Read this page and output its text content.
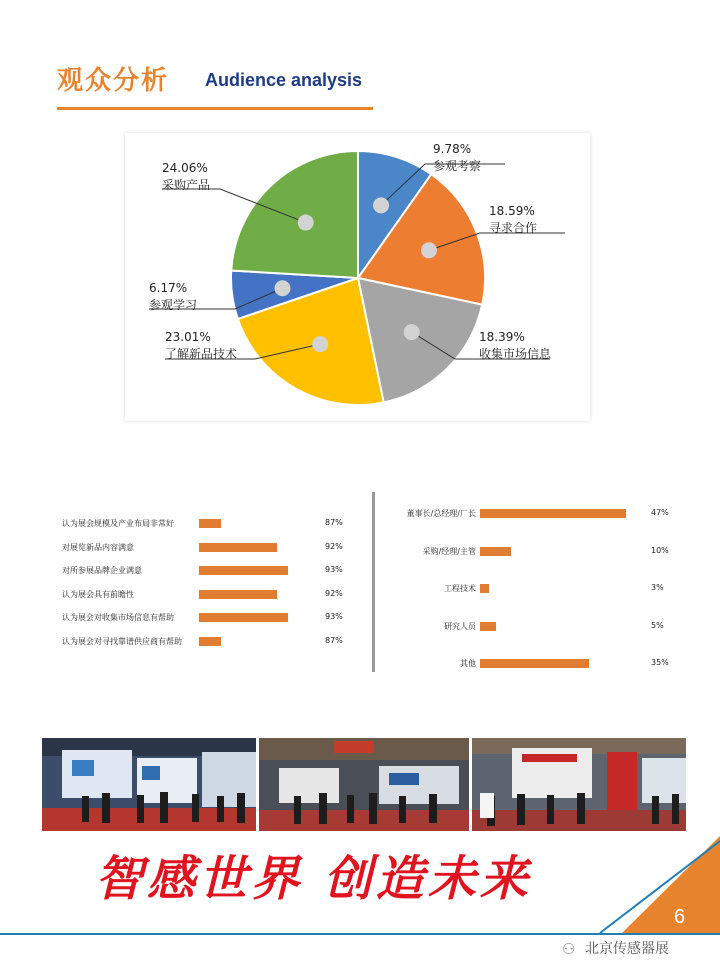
观众分析 Audience analysis
9.78%
参观考察
18.59%
寻求合作
18.39%
收集市场信息
23.01%
了解新品技术
6.17%
参观学习
24.06%
采购产品
认为展会规模及产业布局非常好	87%
对展览新品内容满意	92%
对所参展品牌企业满意	93%
认为展会具有前瞻性	92%
认为展会对收集市场信息有帮助	93%
认为展会对寻找靠谱供应商有帮助	87%
董事长/总经理/厂长	47%
采购/经理/主管	10%
工程技术	3%
研究人员	5%
其他	35%
智感世界 创造未来
6
⚇ 北京传感器展
